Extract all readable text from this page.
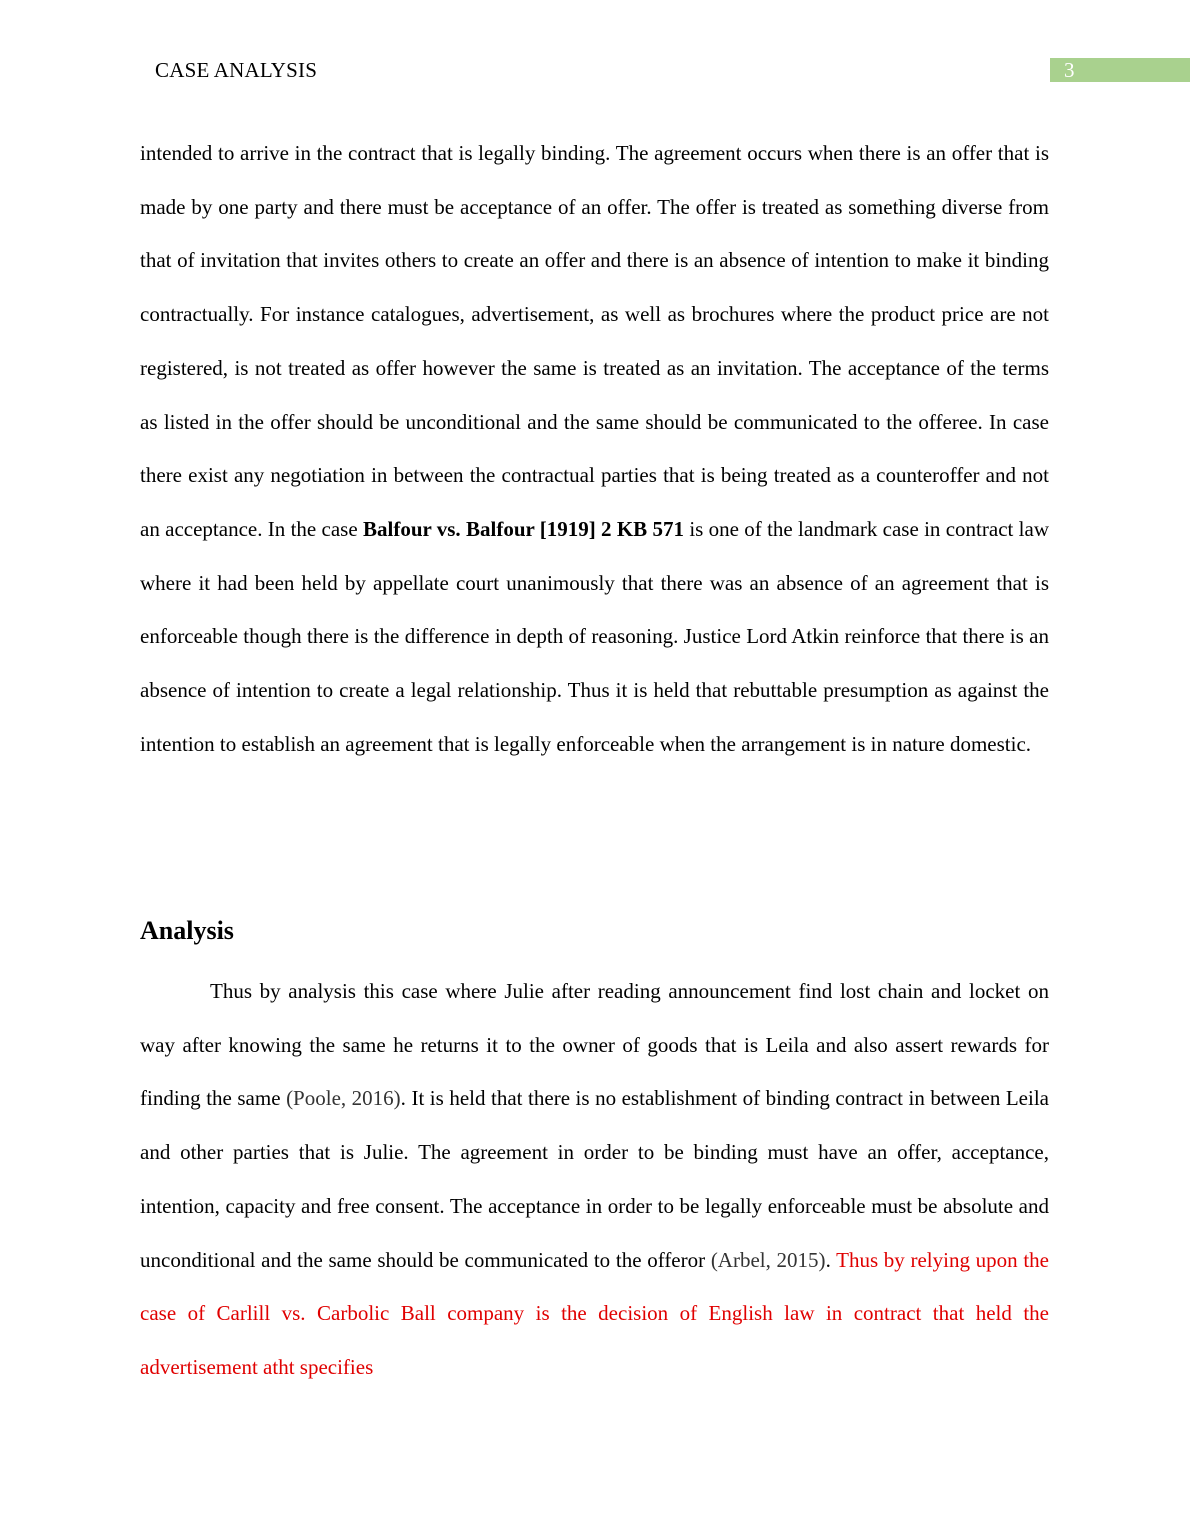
CASE ANALYSIS	3

intended to arrive in the contract that is legally binding. The agreement occurs when there is an offer that is made by one party and there must be acceptance of an offer. The offer is treated as something diverse from that of invitation that invites others to create an offer and there is an absence of intention to make it binding contractually. For instance catalogues, advertisement, as well as brochures where the product price are not registered, is not treated as offer however the same is treated as an invitation. The acceptance of the terms as listed in the offer should be unconditional and the same should be communicated to the offeree. In case there exist any negotiation in between the contractual parties that is being treated as a counteroffer and not an acceptance. In the case Balfour vs. Balfour [1919] 2 KB 571 is one of the landmark case in contract law where it had been held by appellate court unanimously that there was an absence of an agreement that is enforceable though there is the difference in depth of reasoning. Justice Lord Atkin reinforce that there is an absence of intention to create a legal relationship. Thus it is held that rebuttable presumption as against the intention to establish an agreement that is legally enforceable when the arrangement is in nature domestic.

Analysis

Thus by analysis this case where Julie after reading announcement find lost chain and locket on way after knowing the same he returns it to the owner of goods that is Leila and also assert rewards for finding the same (Poole, 2016). It is held that there is no establishment of binding contract in between Leila and other parties that is Julie. The agreement in order to be binding must have an offer, acceptance, intention, capacity and free consent. The acceptance in order to be legally enforceable must be absolute and unconditional and the same should be communicated to the offeror (Arbel, 2015). Thus by relying upon the case of Carlill vs. Carbolic Ball company is the decision of English law in contract that held the advertisement atht specifies
